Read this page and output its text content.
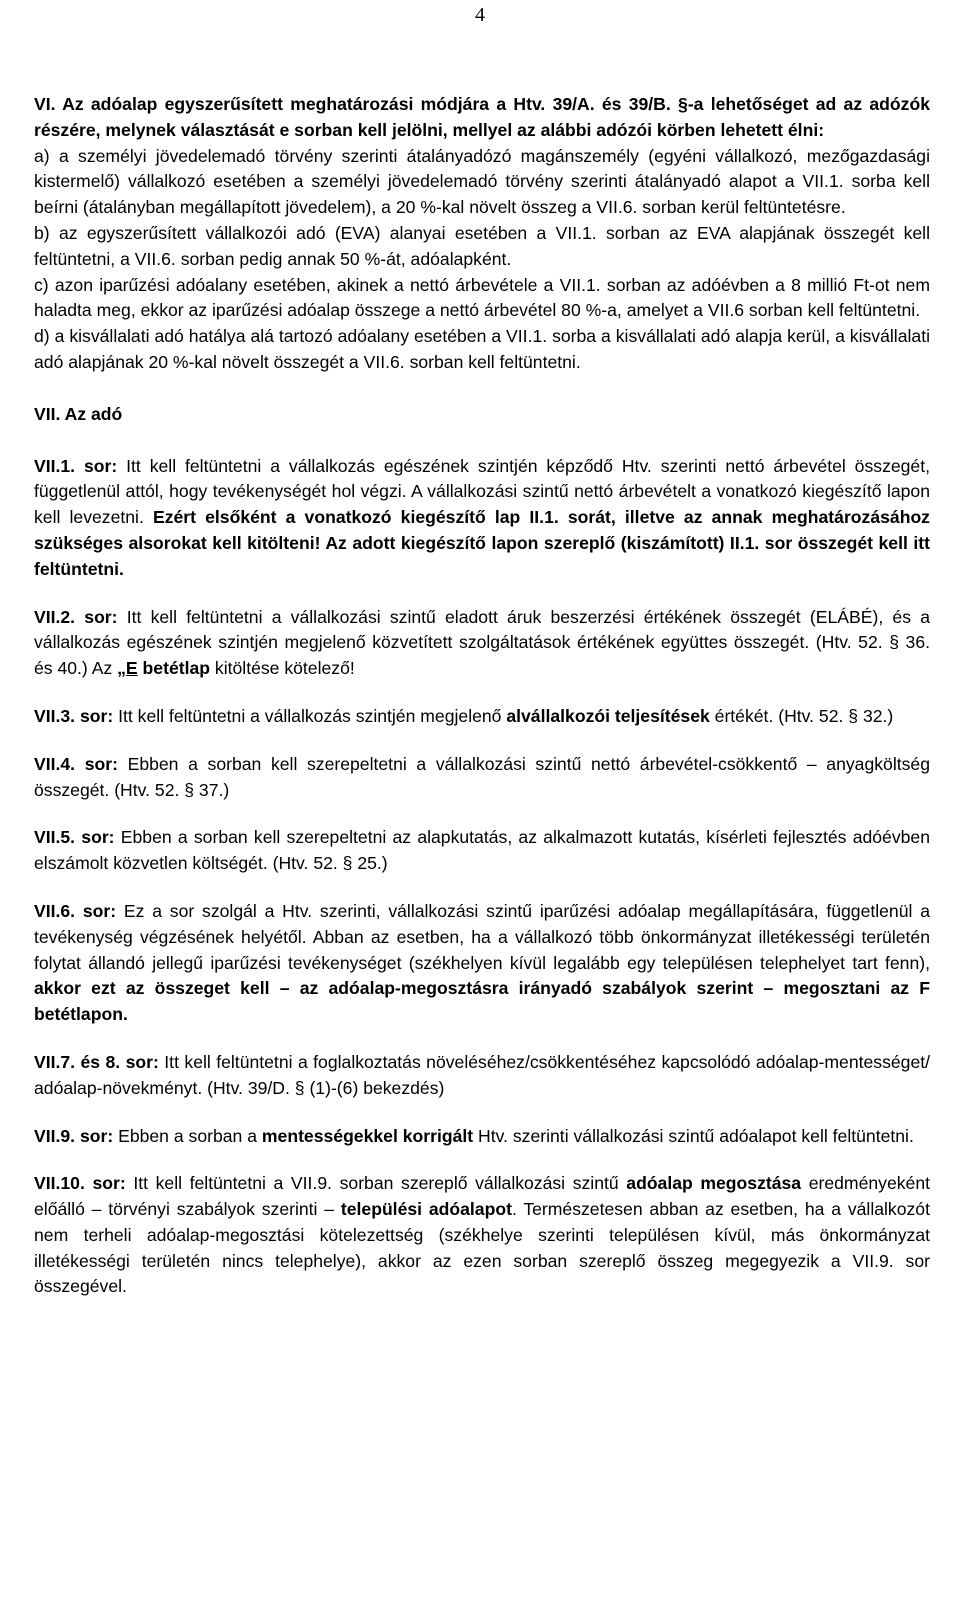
4

VI. Az adóalap egyszerűsített meghatározási módjára a Htv. 39/A. és 39/B. §-a lehetőséget ad az adózók részére, melynek választását e sorban kell jelölni, mellyel az alábbi adózói körben lehetett élni:

a) a személyi jövedelemadó törvény szerinti átalányadózó magánszemély (egyéni vállalkozó, mezőgazdasági kistermelő) vállalkozó esetében a személyi jövedelemadó törvény szerinti átalányadó alapot a VII.1. sorba kell beírni (átalányban megállapított jövedelem), a 20 %-kal növelt összeg a VII.6. sorban kerül feltüntetésre.

b) az egyszerűsített vállalkozói adó (EVA) alanyai esetében a VII.1. sorban az EVA alapjának összegét kell feltüntetni, a VII.6. sorban pedig annak 50 %-át, adóalapként.

c) azon iparűzési adóalany esetében, akinek a nettó árbevétele a VII.1. sorban az adóévben a 8 millió Ft-ot nem haladta meg, ekkor az iparűzési adóalap összege a nettó árbevétel 80 %-a, amelyet a VII.6 sorban kell feltüntetni.

d) a kisvállalati adó hatálya alá tartozó adóalany esetében a VII.1. sorba a kisvállalati adó alapja kerül, a kisvállalati adó alapjának 20 %-kal növelt összegét a VII.6. sorban kell feltüntetni.

VII. Az adó

VII.1. sor: Itt kell feltüntetni a vállalkozás egészének szintjén képződő Htv. szerinti nettó árbevétel összegét, függetlenül attól, hogy tevékenységét hol végzi. A vállalkozási szintű nettó árbevételt a vonatkozó kiegészítő lapon kell levezetni. Ezért elsőként a vonatkozó kiegészítő lap II.1. sorát, illetve az annak meghatározásához szükséges alsorokat kell kitölteni! Az adott kiegészítő lapon szereplő (kiszámított) II.1. sor összegét kell itt feltüntetni.

VII.2. sor: Itt kell feltüntetni a vállalkozási szintű eladott áruk beszerzési értékének összegét (ELÁBÉ), és a vállalkozás egészének szintjén megjelenő közvetített szolgáltatások értékének együttes összegét. (Htv. 52. § 36. és 40.) Az „E betétlap kitöltése kötelező!

VII.3. sor: Itt kell feltüntetni a vállalkozás szintjén megjelenő alvállalkozói teljesítések értékét. (Htv. 52. § 32.)

VII.4. sor: Ebben a sorban kell szerepeltetni a vállalkozási szintű nettó árbevétel-csökkentő – anyagköltség összegét. (Htv. 52. § 37.)

VII.5. sor: Ebben a sorban kell szerepeltetni az alapkutatás, az alkalmazott kutatás, kísérleti fejlesztés adóévben elszámolt közvetlen költségét. (Htv. 52. § 25.)

VII.6. sor: Ez a sor szolgál a Htv. szerinti, vállalkozási szintű iparűzési adóalap megállapítására, függetlenül a tevékenység végzésének helyétől. Abban az esetben, ha a vállalkozó több önkormányzat illetékességi területén folytat állandó jellegű iparűzési tevékenységet (székhelyen kívül legalább egy településen telephelyet tart fenn), akkor ezt az összeget kell – az adóalap-megosztásra irányadó szabályok szerint – megosztani az F betétlapon.

VII.7. és 8. sor: Itt kell feltüntetni a foglalkoztatás növeléséhez/csökkentéséhez kapcsolódó adóalap-mentességet/ adóalap-növekményt. (Htv. 39/D. § (1)-(6) bekezdés)

VII.9. sor: Ebben a sorban a mentességekkel korrigált Htv. szerinti vállalkozási szintű adóalapot kell feltüntetni.

VII.10. sor: Itt kell feltüntetni a VII.9. sorban szereplő vállalkozási szintű adóalap megosztása eredményeként előálló – törvényi szabályok szerinti – települési adóalapot. Természetesen abban az esetben, ha a vállalkozót nem terheli adóalap-megosztási kötelezettség (székhelye szerinti településen kívül, más önkormányzat illetékességi területén nincs telephelye), akkor az ezen sorban szereplő összeg megegyezik a VII.9. sor összegével.
